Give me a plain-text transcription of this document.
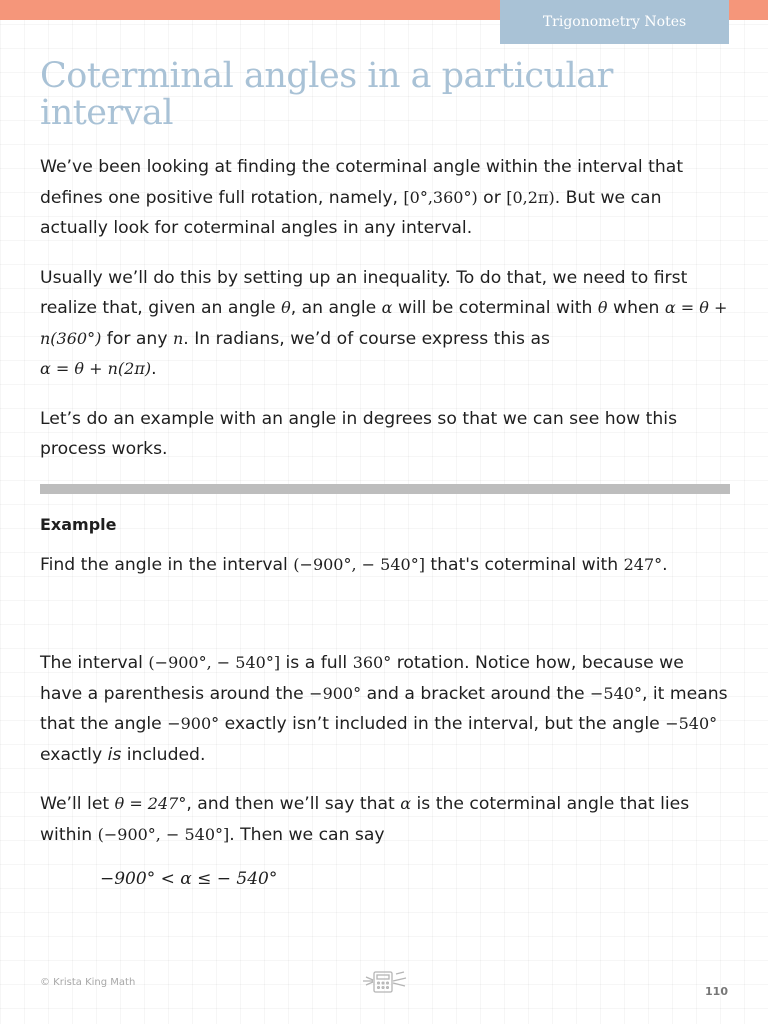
Trigonometry Notes
Coterminal angles in a particular interval

We’ve been looking at finding the coterminal angle within the interval that defines one positive full rotation, namely, [0°,360°) or [0,2π). But we can actually look for coterminal angles in any interval.

Usually we’ll do this by setting up an inequality. To do that, we need to first realize that, given an angle θ, an angle α will be coterminal with θ when α = θ + n(360°) for any n. In radians, we’d of course express this as
α = θ + n(2π).

Let’s do an example with an angle in degrees so that we can see how this process works.

Example

Find the angle in the interval (−900°, − 540°] that's coterminal with 247°.

The interval (−900°, − 540°] is a full 360° rotation. Notice how, because we have a parenthesis around the −900° and a bracket around the −540°, it means that the angle −900° exactly isn’t included in the interval, but the angle −540° exactly is included.

We’ll let θ = 247°, and then we’ll say that α is the coterminal angle that lies within (−900°, − 540°]. Then we can say

−900° < α ≤ − 540°
© Krista King Math
110
